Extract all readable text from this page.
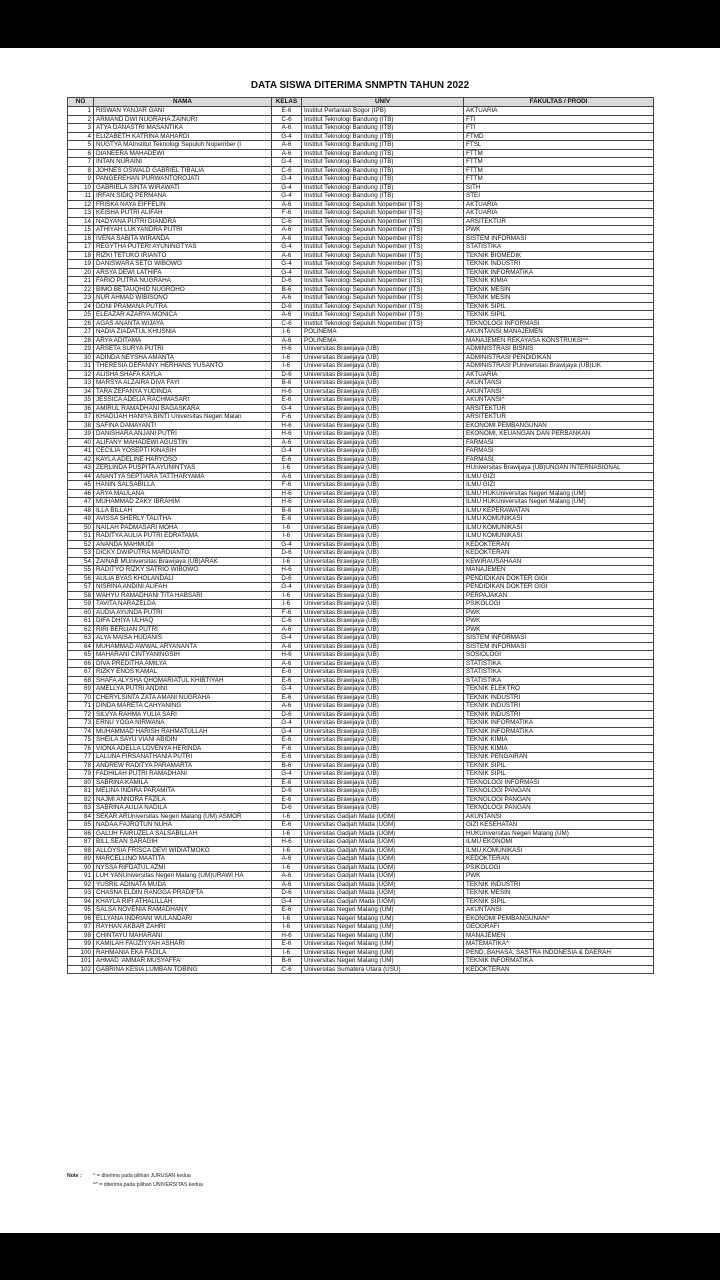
DATA SISWA DITERIMA SNMPTN TAHUN 2022
NO	NAMA	KELAS	UNIV	FAKULTAS / PRODI
1	RISWAN YANJAR GANI	E-6	Institut Pertanian Bogor (IPB)	AKTUARIA
2	ARMAND DWI NUGRAHA ZAINURI	C-6	Institut Teknologi Bandung (ITB)	FTI
3	ATYA DANASTRI MASANTIKA	A-6	Institut Teknologi Bandung (ITB)	FTI
4	ELIZABETH KATRINA MAHARDI	G-4	Institut Teknologi Bandung (ITB)	FTMD
5	NUGTYA MAInstitut Teknologi Sepuluh Nopember (I	A-6	Institut Teknologi Bandung (ITB)	FTSL
6	DIANEERA MAHADEWI	A-6	Institut Teknologi Bandung (ITB)	FTTM
7	INTAN NURAINI	G-4	Institut Teknologi Bandung (ITB)	FTTM
8	JOHNES OSWALD GABRIEL TIBALIA	C-6	Institut Teknologi Bandung (ITB)	FTTM
9	PANGEREHAN PURWANTOROJATI	G-4	Institut Teknologi Bandung (ITB)	FTTM
10	GABRIELA SINTA WIRAWATI	G-4	Institut Teknologi Bandung (ITB)	SITH
11	IRFAN SIDIQ PERMANA	G-4	Institut Teknologi Bandung (ITB)	STEI
12	FRISKA NAYA EIFFELIN	A-6	Institut Teknologi Sepuluh Nopember (ITS)	AKTUARIA
13	KEISHA PUTRI ALIFAH	F-6	Institut Teknologi Sepuluh Nopember (ITS)	AKTUARIA
14	NADYANA PUTRI DIANDRA	C-6	Institut Teknologi Sepuluh Nopember (ITS)	ARSITEKTUR
15	ATHIYAH LUKYANDRA PUTRI	A-6	Institut Teknologi Sepuluh Nopember (ITS)	PWK
16	IVENA SABITA WIRANDA	A-6	Institut Teknologi Sepuluh Nopember (ITS)	SISTEM INFORMASI
17	REGYTHA PUTERI AYUNINGTYAS	G-4	Institut Teknologi Sepuluh Nopember (ITS)	STATISTIKA
18	RIZKI TETUKO IRIANTO	A-6	Institut Teknologi Sepuluh Nopember (ITS)	TEKNIK BIOMEDIK
19	DANISWARA SETO WIBOWO	G-4	Institut Teknologi Sepuluh Nopember (ITS)	TEKNIK INDUSTRI
20	ARSYA DEWI LATHIFA	G-4	Institut Teknologi Sepuluh Nopember (ITS)	TEKNIK INFORMATIKA
21	FARIO PUTRA NUGRAHA	D-6	Institut Teknologi Sepuluh Nopember (ITS)	TEKNIK KIMIA
22	BIMO BETAUQHID NUGROHO	B-6	Institut Teknologi Sepuluh Nopember (ITS)	TEKNIK MESIN
23	NUR AHMAD WIBISONO	A-6	Institut Teknologi Sepuluh Nopember (ITS)	TEKNIK MESIN
24	DONI PRAMANA PUTRA	D-6	Institut Teknologi Sepuluh Nopember (ITS)	TEKNIK SIPIL
25	ELEAZAR AZARYA MONICA	A-6	Institut Teknologi Sepuluh Nopember (ITS)	TEKNIK SIPIL
26	AGAS ANANTA WIJAYA	C-6	Institut Teknologi Sepuluh Nopember (ITS)	TEKNOLOGI INFORMASI
27	NADIA ZIADATUL KHUSNIA	I-6	POLINEMA	AKUNTANSI MANAJEMEN
28	ARYA ADITAMA	A-6	POLINEMA	MANAJEMEN REKAYASA KONSTRUKSI^^
29	ARSETA SURYA PUTRI	H-6	Universitas Brawijaya (UB)	ADMINISTRASI BISNIS
30	ADINDA NEYSHA AMANTA	I-6	Universitas Brawijaya (UB)	ADMINISTRASI PENDIDIKAN
31	THERESIA DEFANNY HERHANS YUSANTO	I-6	Universitas Brawijaya (UB)	ADMINISTRASI PUniversitas Brawijaya (UB)LIK
32	ALISHA SHAFA KAYLA	D-6	Universitas Brawijaya (UB)	AKTUARIA
33	MARSYA ALZAIRA DIVA FAYI	B-6	Universitas Brawijaya (UB)	AKUNTANSI
34	TARA ZEFANYA YUDINDA	H-6	Universitas Brawijaya (UB)	AKUNTANSI
35	JESSICA ADELIA RACHMASARI	E-6	Universitas Brawijaya (UB)	AKUNTANSI^
36	AMIRUL RAMADHANI BAGASKARA	G-4	Universitas Brawijaya (UB)	ARSITEKTUR
37	KHADIJAH HANIYA BINTI Universitas Negeri Malan	F-6	Universitas Brawijaya (UB)	ARSITEKTUR
38	SAFINA DAMAYANTI	H-6	Universitas Brawijaya (UB)	EKONOMI PEMBANGUNAN
39	DANISHARA ANJANI PUTRI	H-6	Universitas Brawijaya (UB)	EKONOMI, KEUANGAN DAN PERBANKAN
40	ALIFANY MAHADEWI AGUSTIN	A-6	Universitas Brawijaya (UB)	FARMASI
41	CECILIA YOSEPTI KINASIH	G-4	Universitas Brawijaya (UB)	FARMASI
42	KAYLA ADELINE HARYOSO	E-6	Universitas Brawijaya (UB)	FARMASI
43	ZERLINDA PUSPITA AYUNINTYAS	I-6	Universitas Brawijaya (UB)	HUniversitas Brawijaya (UB)UNGAN INTERNASIONAL
44	ANANTYA SEPTIARA TATTHARYAMA	A-6	Universitas Brawijaya (UB)	ILMU GIZI
45	HANIN SALSABILLA	F-6	Universitas Brawijaya (UB)	ILMU GIZI
46	ARYA MAULANA	H-6	Universitas Brawijaya (UB)	ILMU HUKUniversitas Negeri Malang (UM)
47	MUHAMMAD ZAKY IBRAHIM	H-6	Universitas Brawijaya (UB)	ILMU HUKUniversitas Negeri Malang (UM)
48	ILLA BILLAH	B-6	Universitas Brawijaya (UB)	ILMU KEPERAWATAN
49	AVISSA SHERLY TALITHA	E-6	Universitas Brawijaya (UB)	ILMU KOMUNIKASI
50	NAILAH PADMASARI MOHA	I-6	Universitas Brawijaya (UB)	ILMU KOMUNIKASI
51	RADITYA AULIA PUTRI EDRATAMA	I-6	Universitas Brawijaya (UB)	ILMU KOMUNIKASI
52	ANANDA MAHMUDI	G-4	Universitas Brawijaya (UB)	KEDOKTERAN
53	DICKY DWIPUTRA MARDIANTO	D-6	Universitas Brawijaya (UB)	KEDOKTERAN
54	ZAINAB MUniversitas Brawijaya (UB)ARAK	I-6	Universitas Brawijaya (UB)	KEWIRAUSAHAAN
55	RADITYO RIZKY SATRIO WIBOWO	H-6	Universitas Brawijaya (UB)	MANAJEMEN
56	AULIA BYAS KHOLANDALI	D-6	Universitas Brawijaya (UB)	PENDIDIKAN DOKTER GIGI
57	NISRINA ANDINI ALIFAH	G-4	Universitas Brawijaya (UB)	PENDIDIKAN DOKTER GIGI
58	WAHYU RAMADHANI TITA HABSARI	I-6	Universitas Brawijaya (UB)	PERPAJAKAN
59	TAVITA NARAZELDA	I-6	Universitas Brawijaya (UB)	PSIKOLOGI
60	AUDIA AYUNDA PUTRI	F-6	Universitas Brawijaya (UB)	PWK
61	DIFA DHIYA ULHAQ	C-6	Universitas Brawijaya (UB)	PWK
62	RIRI BERLIAN PUTRI	A-6	Universitas Brawijaya (UB)	PWK
63	ALYA MAISA HUDANIS	G-4	Universitas Brawijaya (UB)	SISTEM INFORMASI
64	MUHAMMAD AWWAL ARYANANTA	A-6	Universitas Brawijaya (UB)	SISTEM INFORMASI
65	MAHARANI CINTYANINGSIH	H-6	Universitas Brawijaya (UB)	SOSIOLOGI
66	DIVA PREDITHA AMILYA	A-6	Universitas Brawijaya (UB)	STATISTIKA
67	RIZKY ENOS KAMAL	E-6	Universitas Brawijaya (UB)	STATISTIKA
68	SHAFA ALYSHA QHOMARIATUL KHIBTIYAH	E-6	Universitas Brawijaya (UB)	STATISTIKA
69	AMELLYA PUTRI ANDINI	G-4	Universitas Brawijaya (UB)	TEKNIK ELEKTRO
70	CHERYLSINTA ZATA AMANI NUGRAHA	E-6	Universitas Brawijaya (UB)	TEKNIK INDUSTRI
71	DINDA MARETA CAHYANING	A-6	Universitas Brawijaya (UB)	TEKNIK INDUSTRI
72	SILVYA RAHMA YULIA SARI	D-6	Universitas Brawijaya (UB)	TEKNIK INDUSTRI
73	ERNU YOGA NIRWANA	G-4	Universitas Brawijaya (UB)	TEKNIK INFORMATIKA
74	MUHAMMAD HARISH RAHMATULLAH	G-4	Universitas Brawijaya (UB)	TEKNIK INFORMATIKA
75	SHEILA SAYU VIANI ABIDIN	E-6	Universitas Brawijaya (UB)	TEKNIK KIMIA
76	VIONA ADELLA LOVENYA HERINDA	F-6	Universitas Brawijaya (UB)	TEKNIK KIMIA
77	LALUNA FIRSANATHANIA PUTRI	E-6	Universitas Brawijaya (UB)	TEKNIK PENGAIRAN
78	ANDREW RADITYA PARAMARTA	B-6	Universitas Brawijaya (UB)	TEKNIK SIPIL
79	FADHILAH PUTRI RAMADHANI	G-4	Universitas Brawijaya (UB)	TEKNIK SIPIL
80	SABRINA KAMILA	E-6	Universitas Brawijaya (UB)	TEKNOLOGI INFORMASI
81	MELINA INDIRA PARAMITA	D-6	Universitas Brawijaya (UB)	TEKNOLOGI PANGAN
82	NAJMI ANNORA FAZILA	E-6	Universitas Brawijaya (UB)	TEKNOLOGI PANGAN
83	SABRINA AULIA NADILA	D-6	Universitas Brawijaya (UB)	TEKNOLOGI PANGAN
84	SEKAR ARUniversitas Negeri Malang (UM) ASMOR	I-6	Universitas Gadjah Mada (UGM)	AKUNTANSI
85	NADAA FAJROTUN NUHA	E-6	Universitas Gadjah Mada (UGM)	GIZI KESEHATAN
86	GALUH FAIRUZELA SALSABILLAH	I-6	Universitas Gadjah Mada (UGM)	HUKUniversitas Negeri Malang (UM)
87	BILL SEAN SARAGIH	H-6	Universitas Gadjah Mada (UGM)	ILMU EKONOMI
88	ALLOYSIA FRISCA DEVI WIDIATMOKO	I-6	Universitas Gadjah Mada (UGM)	ILMU KOMUNIKASI
89	MARCELLINO MAATITA	A-6	Universitas Gadjah Mada (UGM)	KEDOKTERAN
90	NYSSA RIFDATUL AZMI	I-6	Universitas Gadjah Mada (UGM)	PSIKOLOGI
91	LUH YANUniversitas Negeri Malang (UM)URAWI HA	A-6	Universitas Gadjah Mada (UGM)	PWK
92	YUSRIL ADINATA MUDA	A-6	Universitas Gadjah Mada (UGM)	TEKNIK INDUSTRI
93	CHASNA ELDIN RANGGA PRADIFTA	D-6	Universitas Gadjah Mada (UGM)	TEKNIK MESIN
94	KHAYLA RIFI ATHALILLAH	G-4	Universitas Gadjah Mada (UGM)	TEKNIK SIPIL
95	SALSA NOVENIA RAMADHANY	E-6	Universitas Negeri Malang (UM)	AKUNTANSI
96	ELLYANA INDRIANI WULANDARI	I-6	Universitas Negeri Malang (UM)	EKONOMI PEMBANGUNAN^
97	RAYHAN AKBAR ZAHRI	I-6	Universitas Negeri Malang (UM)	GEOGRAFI
98	CHINTAYU MAHARANI	H-6	Universitas Negeri Malang (UM)	MANAJEMEN
99	KAMILAH FAUZIYYAH ASHARI	E-6	Universitas Negeri Malang (UM)	MATEMATIKA^
100	RAHMANIA EKA FADILA	I-6	Universitas Negeri Malang (UM)	PEND. BAHASA, SASTRA INDONESIA & DAERAH
101	AHMAD 'AMMAR MUSYAFFA'	B-6	Universitas Negeri Malang (UM)	TEKNIK INFORMATIKA
102	GABRINA KESIA LUMBAN TOBING	C-6	Universitas Sumatera Utara (USU)	KEDOKTERAN
Note : ^ = diterima pada pilihan JURUSAN kedua
^^ = diterima pada pilihan UNIVERSITAS kedua
